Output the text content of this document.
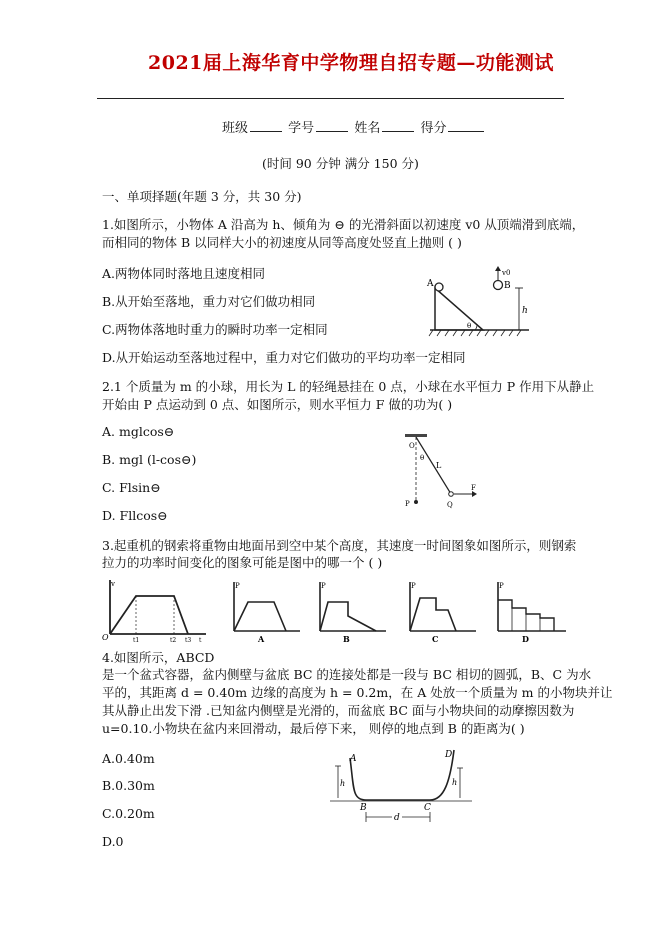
2021届上海华育中学物理自招专题—功能测试
班级	学号	姓名	得分
(时间 90 分钟 满分 150 分)
一、单项择题(年题 3 分，共 30 分)
1.如图所示，小物体 A 沿高为 h、倾角为 ⊖ 的光滑斜面以初速度 v0 从顶端滑到底端，
而相同的物体 B 以同样大小的初速度从同等高度处竖直上抛则 ( )
A.两物体同时落地且速度相同
B.从开始至落地，重力对它们做功相同
C.两物体落地时重力的瞬时功率一定相同
D.从开始运动至落地过程中，重力对它们做功的平均功率一定相同
A	B
v0
h
θ
2.1 个质量为 m 的小球，用长为 L 的轻绳悬挂在 0 点，小球在水平恒力 P 作用下从静止
开始由 P 点运动到 0 点、如图所示，则水平恒力 F 做的功为( )
A. mglcos⊖
B. mgl (l-cos⊖)
C. Flsin⊖
D. Fllcos⊖
O
θ
L
P	Q
F
3.起重机的钢索将重物由地面吊到空中某个高度，其速度一时间图象如图所示，则钢索
拉力的功率时间变化的图象可能是图中的哪一个 ( )
v
O	t1	t2 t3 t
P
A
P
B
P
C
P
D
4.如图所示，ABCD
是一个盆式容器，盆内侧壁与盆底 BC 的连接处都是一段与 BC 相切的圆弧，B、C 为水
平的，其距离 d = 0.40m 边缘的高度为 h = 0.2m，在 A 处放一个质量为 m 的小物块并让
其从静止出发下滑 .已知盆内侧壁是光滑的，而盆底 BC 面与小物块间的动摩擦因数为
u=0.10.小物块在盆内来回滑动，最后停下来， 则停的地点到 B 的距离为( )
A.0.40m
B.0.30m
C.0.20m
D.0
A
B	C
D
h	h
d
